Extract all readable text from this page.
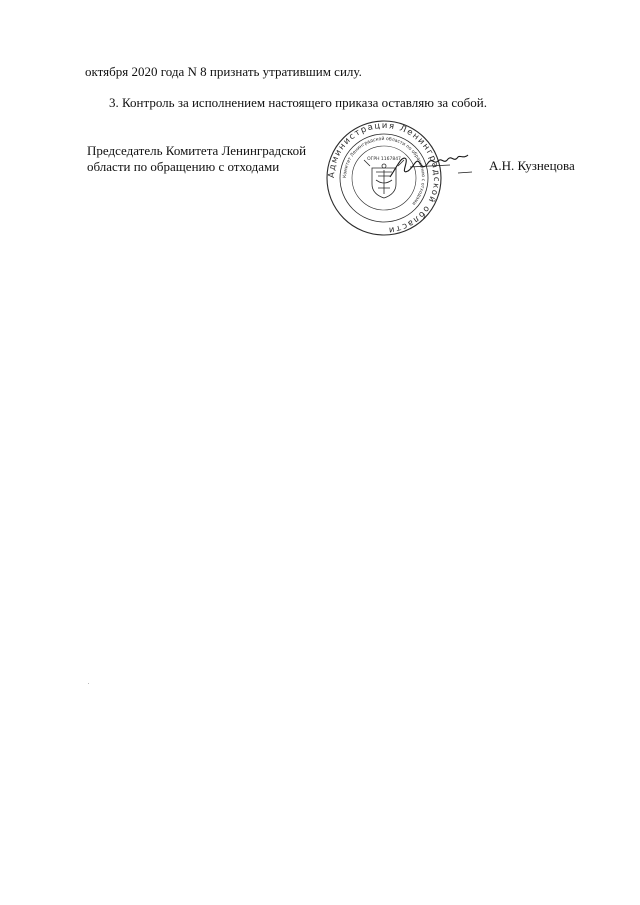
октября 2020 года N 8 признать утратившим силу.
3. Контроль за исполнением настоящего приказа оставляю за собой.
Председатель Комитета Ленинградской
области по обращению с отходами	А.Н. Кузнецова
Администрация Ленинградской области
Комитет Ленинградской области по обращению с отходами
ОГРН 1167847
